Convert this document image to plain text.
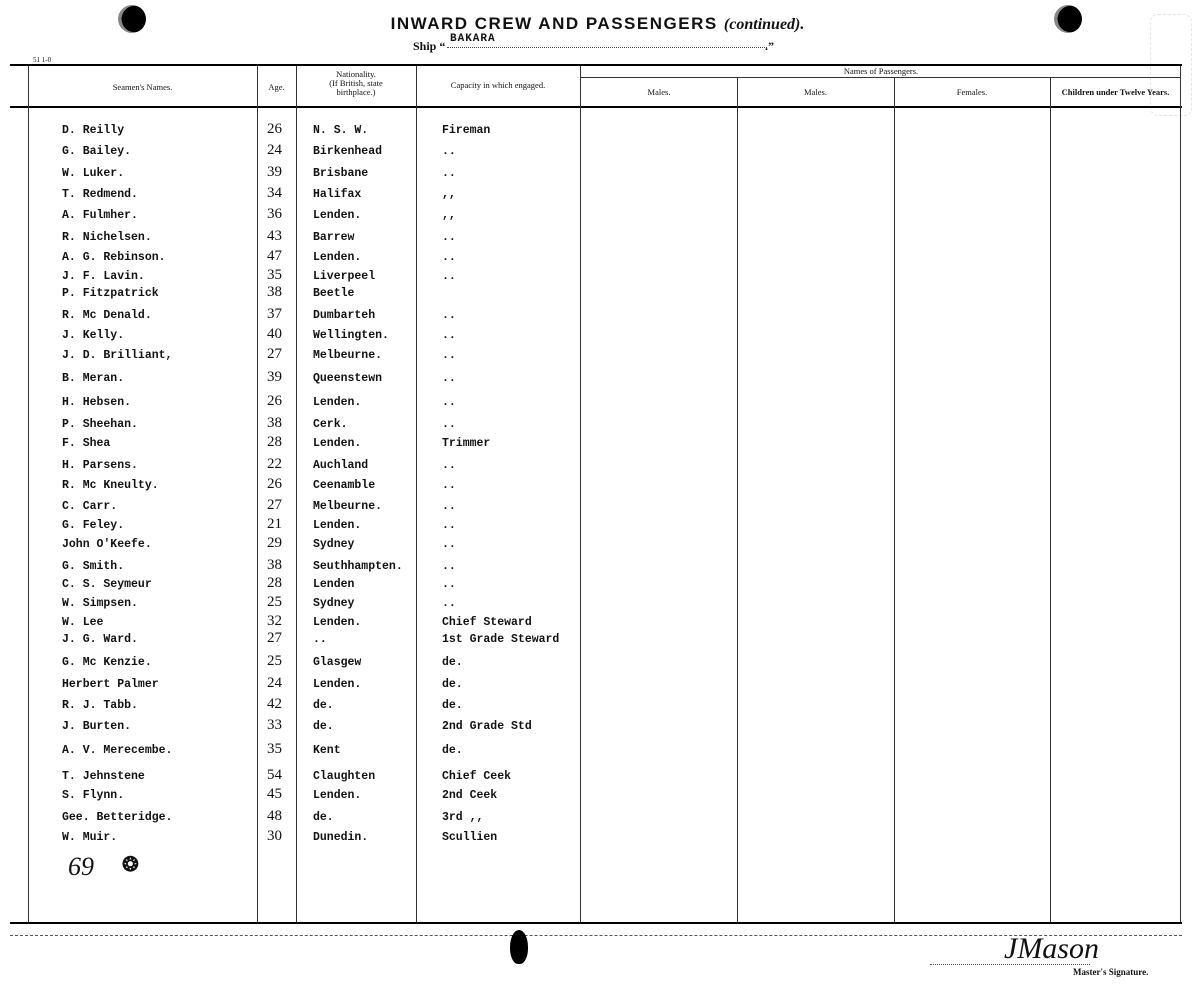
INWARD CREW AND PASSENGERS (continued).
Ship “ BAKARA	.”
51 1-0
Seamen's Names.	Age.
Nationality.
(If British, state birthplace.)
Capacity in which engaged.
Names of Passengers.
Males.	Males.	Females.	Children under Twelve Years.
D. Reilly	26	N. S. W.	Fireman
G. Bailey.	24	Birkenhead	..
W. Luker.	39	Brisbane	..
T. Redmend.	34	Halifax	,,
A. Fulmher.	36	Lenden.	,,
R. Nichelsen.	43	Barrew	..
A. G. Rebinson.	47	Lenden.	..
J. F. Lavin.	35	Liverpeel	..
P. Fitzpatrick	38	Beetle
R. Mc Denald.	37	Dumbarteh	..
J. Kelly.	40	Wellingten.	..
J. D. Brilliant,	27	Melbeurne.	..
B. Meran.	39	Queenstewn	..
H. Hebsen.	26	Lenden.	..
P. Sheehan.	38	Cerk.	..
F. Shea	28	Lenden.	Trimmer
H. Parsens.	22	Auchland	..
R. Mc Kneulty.	26	Ceenamble	..
C. Carr.	27	Melbeurne.	..
G. Feley.	21	Lenden.	..
John O'Keefe.	29	Sydney	..
G. Smith.	38	Seuthhampten.	..
C. S. Seymeur	28	Lenden	..
W. Simpsen.	25	Sydney	..
W. Lee	32	Lenden.	Chief Steward
J. G. Ward.	27	..	1st Grade Steward
G. Mc Kenzie.	25	Glasgew	de.
Herbert Palmer	24	Lenden.	de.
R. J. Tabb.	42	de.	de.
J. Burten.	33	de.	2nd Grade Std
A. V. Merecembe.	35	Kent	de.
T. Jehnstene	54	Claughten	Chief Ceek
S. Flynn.	45	Lenden.	2nd Ceek
Gee. Betteridge.	48	de.	3rd ,,
W. Muir.	30	Dunedin.	Scullien
69 ❂
JMason
Master's Signature.
